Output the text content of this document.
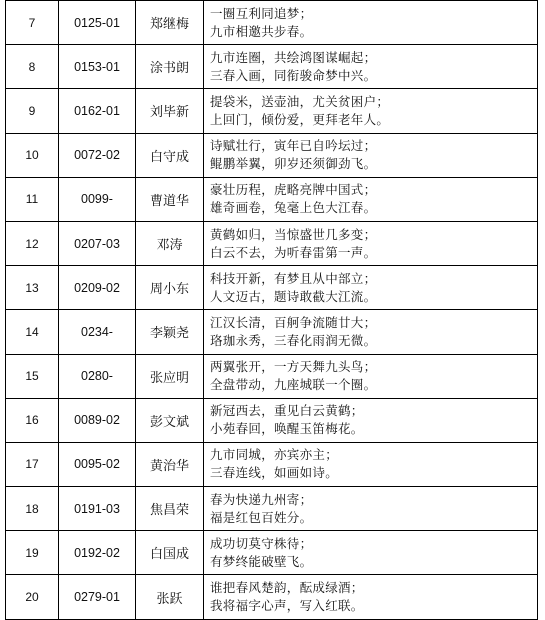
7	0125-01	郑继梅	一圈互利同追梦；
九市相邀共步春。

8	0153-01	涂书朗	九市连圈，共绘鸿图谋崛起；
三春入画，同衔骏命梦中兴。

9	0162-01	刘毕新	提袋米，送壶油，尤关贫困户；
上回门，倾份爱，更拜老年人。

10	0072-02	白守成	诗赋壮行，寅年已自吟坛过；
鲲鹏举翼，卯岁还须御劲飞。

11	0099-	曹道华	豪壮历程，虎略亮牌中国式；
雄奇画卷，兔毫上色大江春。

12	0207-03	邓涛	黄鹤如归，当惊盛世几多变；
白云不去，为听春雷第一声。

13	0209-02	周小东	科技开新，有梦且从中部立；
人文迈古，题诗敢截大江流。

14	0234-	李颖尧	江汉长清，百舸争流随廿大；
珞珈永秀，三春化雨润无微。

15	0280-	张应明	两翼张开，一方天舞九头鸟；
全盘带动，九座城联一个圈。

16	0089-02	彭文斌	新冠西去，重见白云黄鹤；
小苑春回，唤醒玉笛梅花。

17	0095-02	黄治华	九市同城，亦宾亦主；
三春连线，如画如诗。

18	0191-03	焦昌荣	春为快递九州寄；
福是红包百姓分。

19	0192-02	白国成	成功切莫守株待；
有梦终能破壁飞。

20	0279-01	张跃	谁把春风楚韵，酝成绿酒；
我将福字心声，写入红联。
